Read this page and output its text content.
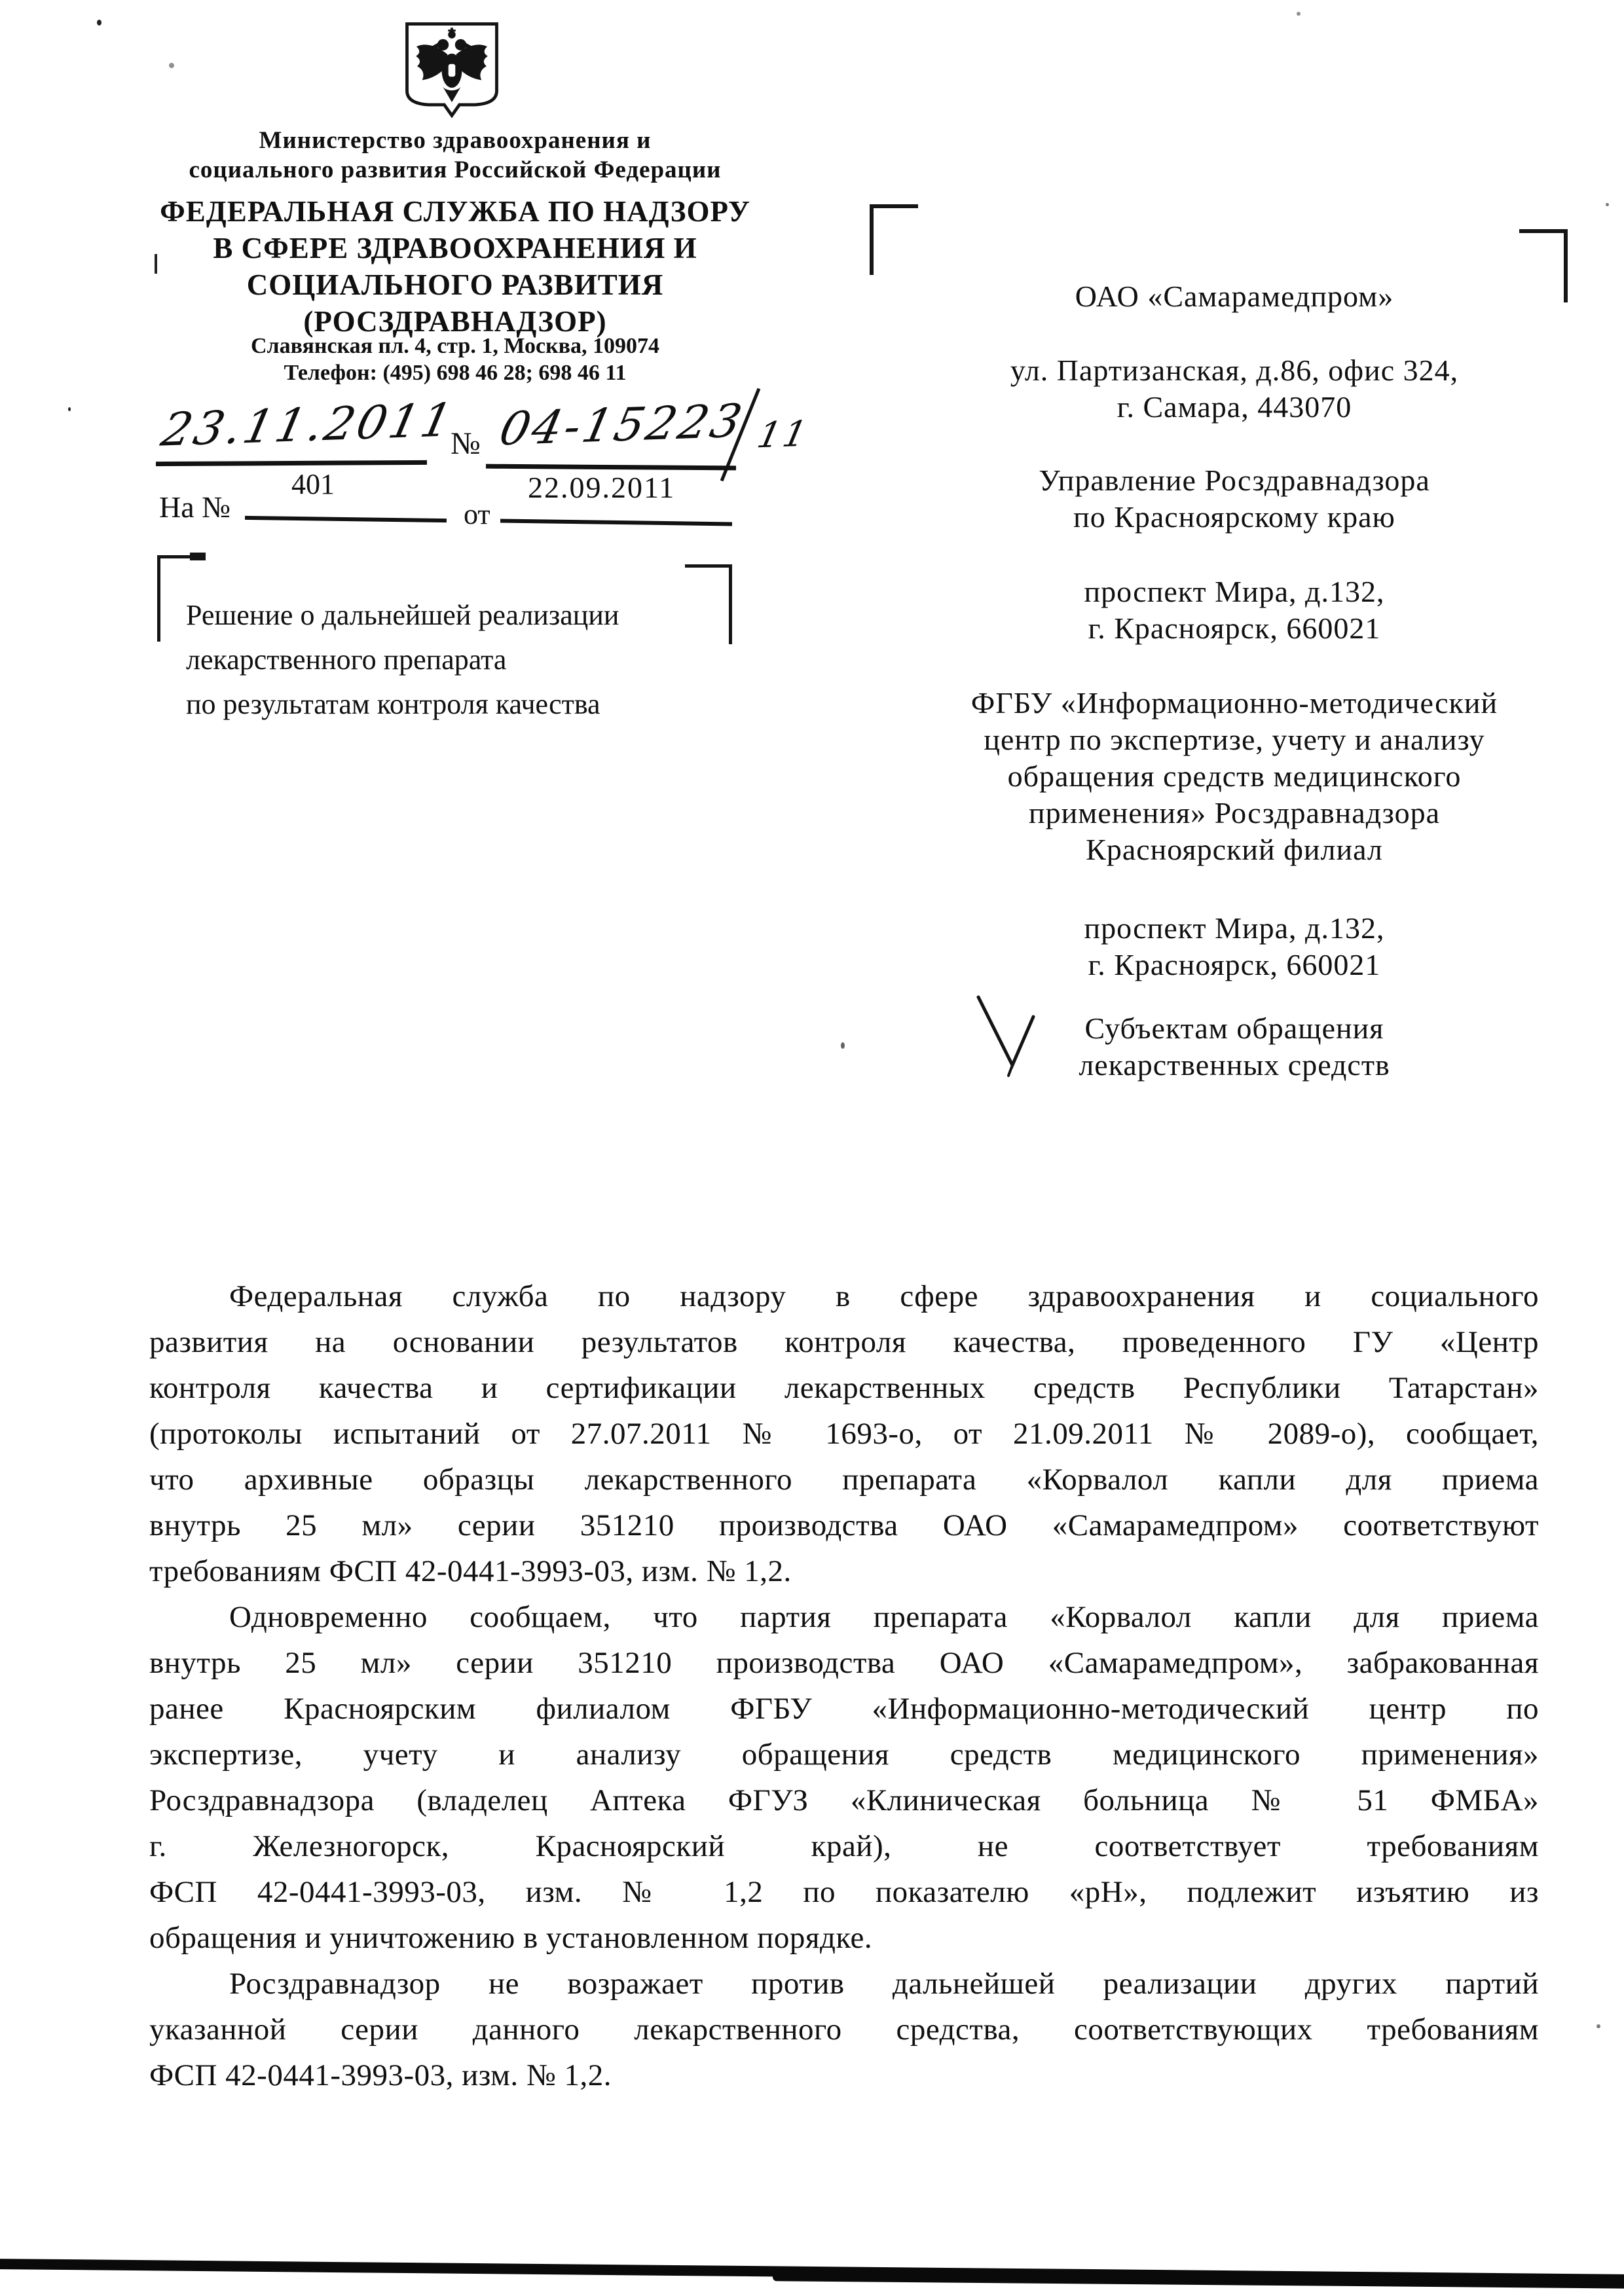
Министерство здравоохранения и
социального развития Российской Федерации
ФЕДЕРАЛЬНАЯ СЛУЖБА ПО НАДЗОРУ
В СФЕРЕ ЗДРАВООХРАНЕНИЯ И
СОЦИАЛЬНОГО РАЗВИТИЯ
(РОСЗДРАВНАДЗОР)
Славянская пл. 4, стр. 1, Москва, 109074
Телефон: (495) 698 46 28; 698 46 11
23.11.2011
№ 04-15223 11
401
На №	от
22.09.2011
Решение о дальнейшей реализации
лекарственного препарата
по результатам контроля качества
ОАО «Самарамедпром»
ул. Партизанская, д.86, офис 324,
г. Самара, 443070
Управление Росздравнадзора
по Красноярскому краю
проспект Мира, д.132,
г. Красноярск, 660021
ФГБУ «Информационно-методический
центр по экспертизе, учету и анализу
обращения средств медицинского
применения» Росздравнадзора
Красноярский филиал
проспект Мира, д.132,
г. Красноярск, 660021
Субъектам обращения
лекарственных средств
Федеральная служба по надзору в сфере здравоохранения и социального
развития на основании результатов контроля качества, проведенного ГУ «Центр
контроля качества и сертификации лекарственных средств Республики Татарстан»
(протоколы испытаний от 27.07.2011 № 1693-о, от 21.09.2011 № 2089-о), сообщает,
что архивные образцы лекарственного препарата «Корвалол капли для приема
внутрь 25 мл» серии 351210 производства ОАО «Самарамедпром» соответствуют
требованиям ФСП 42-0441-3993-03, изм. № 1,2.
Одновременно сообщаем, что партия препарата «Корвалол капли для приема
внутрь 25 мл» серии 351210 производства ОАО «Самарамедпром», забракованная
ранее Красноярским филиалом ФГБУ «Информационно-методический центр по
экспертизе, учету и анализу обращения средств медицинского применения»
Росздравнадзора (владелец Аптека ФГУЗ «Клиническая больница № 51 ФМБА»
г. Железногорск, Красноярский край), не соответствует требованиям
ФСП 42-0441-3993-03, изм. № 1,2 по показателю «рН», подлежит изъятию из
обращения и уничтожению в установленном порядке.
Росздравнадзор не возражает против дальнейшей реализации других партий
указанной серии данного лекарственного средства, соответствующих требованиям
ФСП 42-0441-3993-03, изм. № 1,2.
